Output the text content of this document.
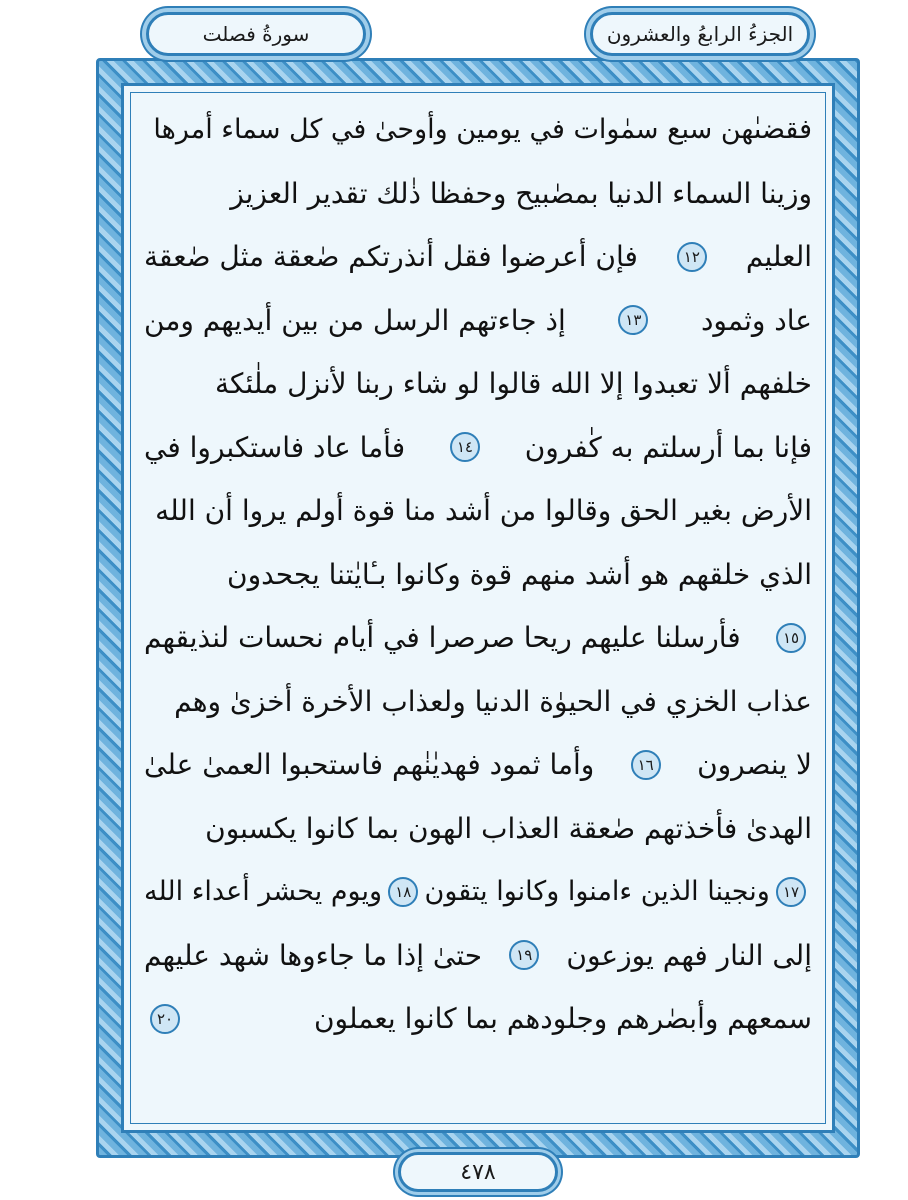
الجزءُ الرابعُ والعشرون
سورةُ فصلت
فقضىٰهن سبع سمٰوات في يومين وأوحىٰ في كل سماء أمرها
وزينا السماء الدنيا بمصٰبيح وحفظا ذٰلك تقدير العزيز
العليم
١٢
فإن أعرضوا فقل أنذرتكم صٰعقة مثل صٰعقة
عاد وثمود
١٣
إذ جاءتهم الرسل من بين أيديهم ومن
خلفهم ألا تعبدوا إلا الله قالوا لو شاء ربنا لأنزل ملٰئكة
فإنا بما أرسلتم به كٰفرون
١٤
فأما عاد فاستكبروا في
الأرض بغير الحق وقالوا من أشد منا قوة أولم يروا أن الله
الذي خلقهم هو أشد منهم قوة وكانوا بـٔايٰتنا يجحدون
١٥
فأرسلنا عليهم ريحا صرصرا في أيام نحسات لنذيقهم
عذاب الخزي في الحيوٰة الدنيا ولعذاب الأخرة أخزىٰ وهم
لا ينصرون
١٦
وأما ثمود فهديٰنٰهم فاستحبوا العمىٰ علىٰ
الهدىٰ فأخذتهم صٰعقة العذاب الهون بما كانوا يكسبون
١٧
ونجينا الذين ءامنوا وكانوا يتقون
١٨
ويوم يحشر أعداء الله
إلى النار فهم يوزعون
١٩
حتىٰ إذا ما جاءوها شهد عليهم
سمعهم وأبصٰرهم وجلودهم بما كانوا يعملون
٢٠
٤٧٨
